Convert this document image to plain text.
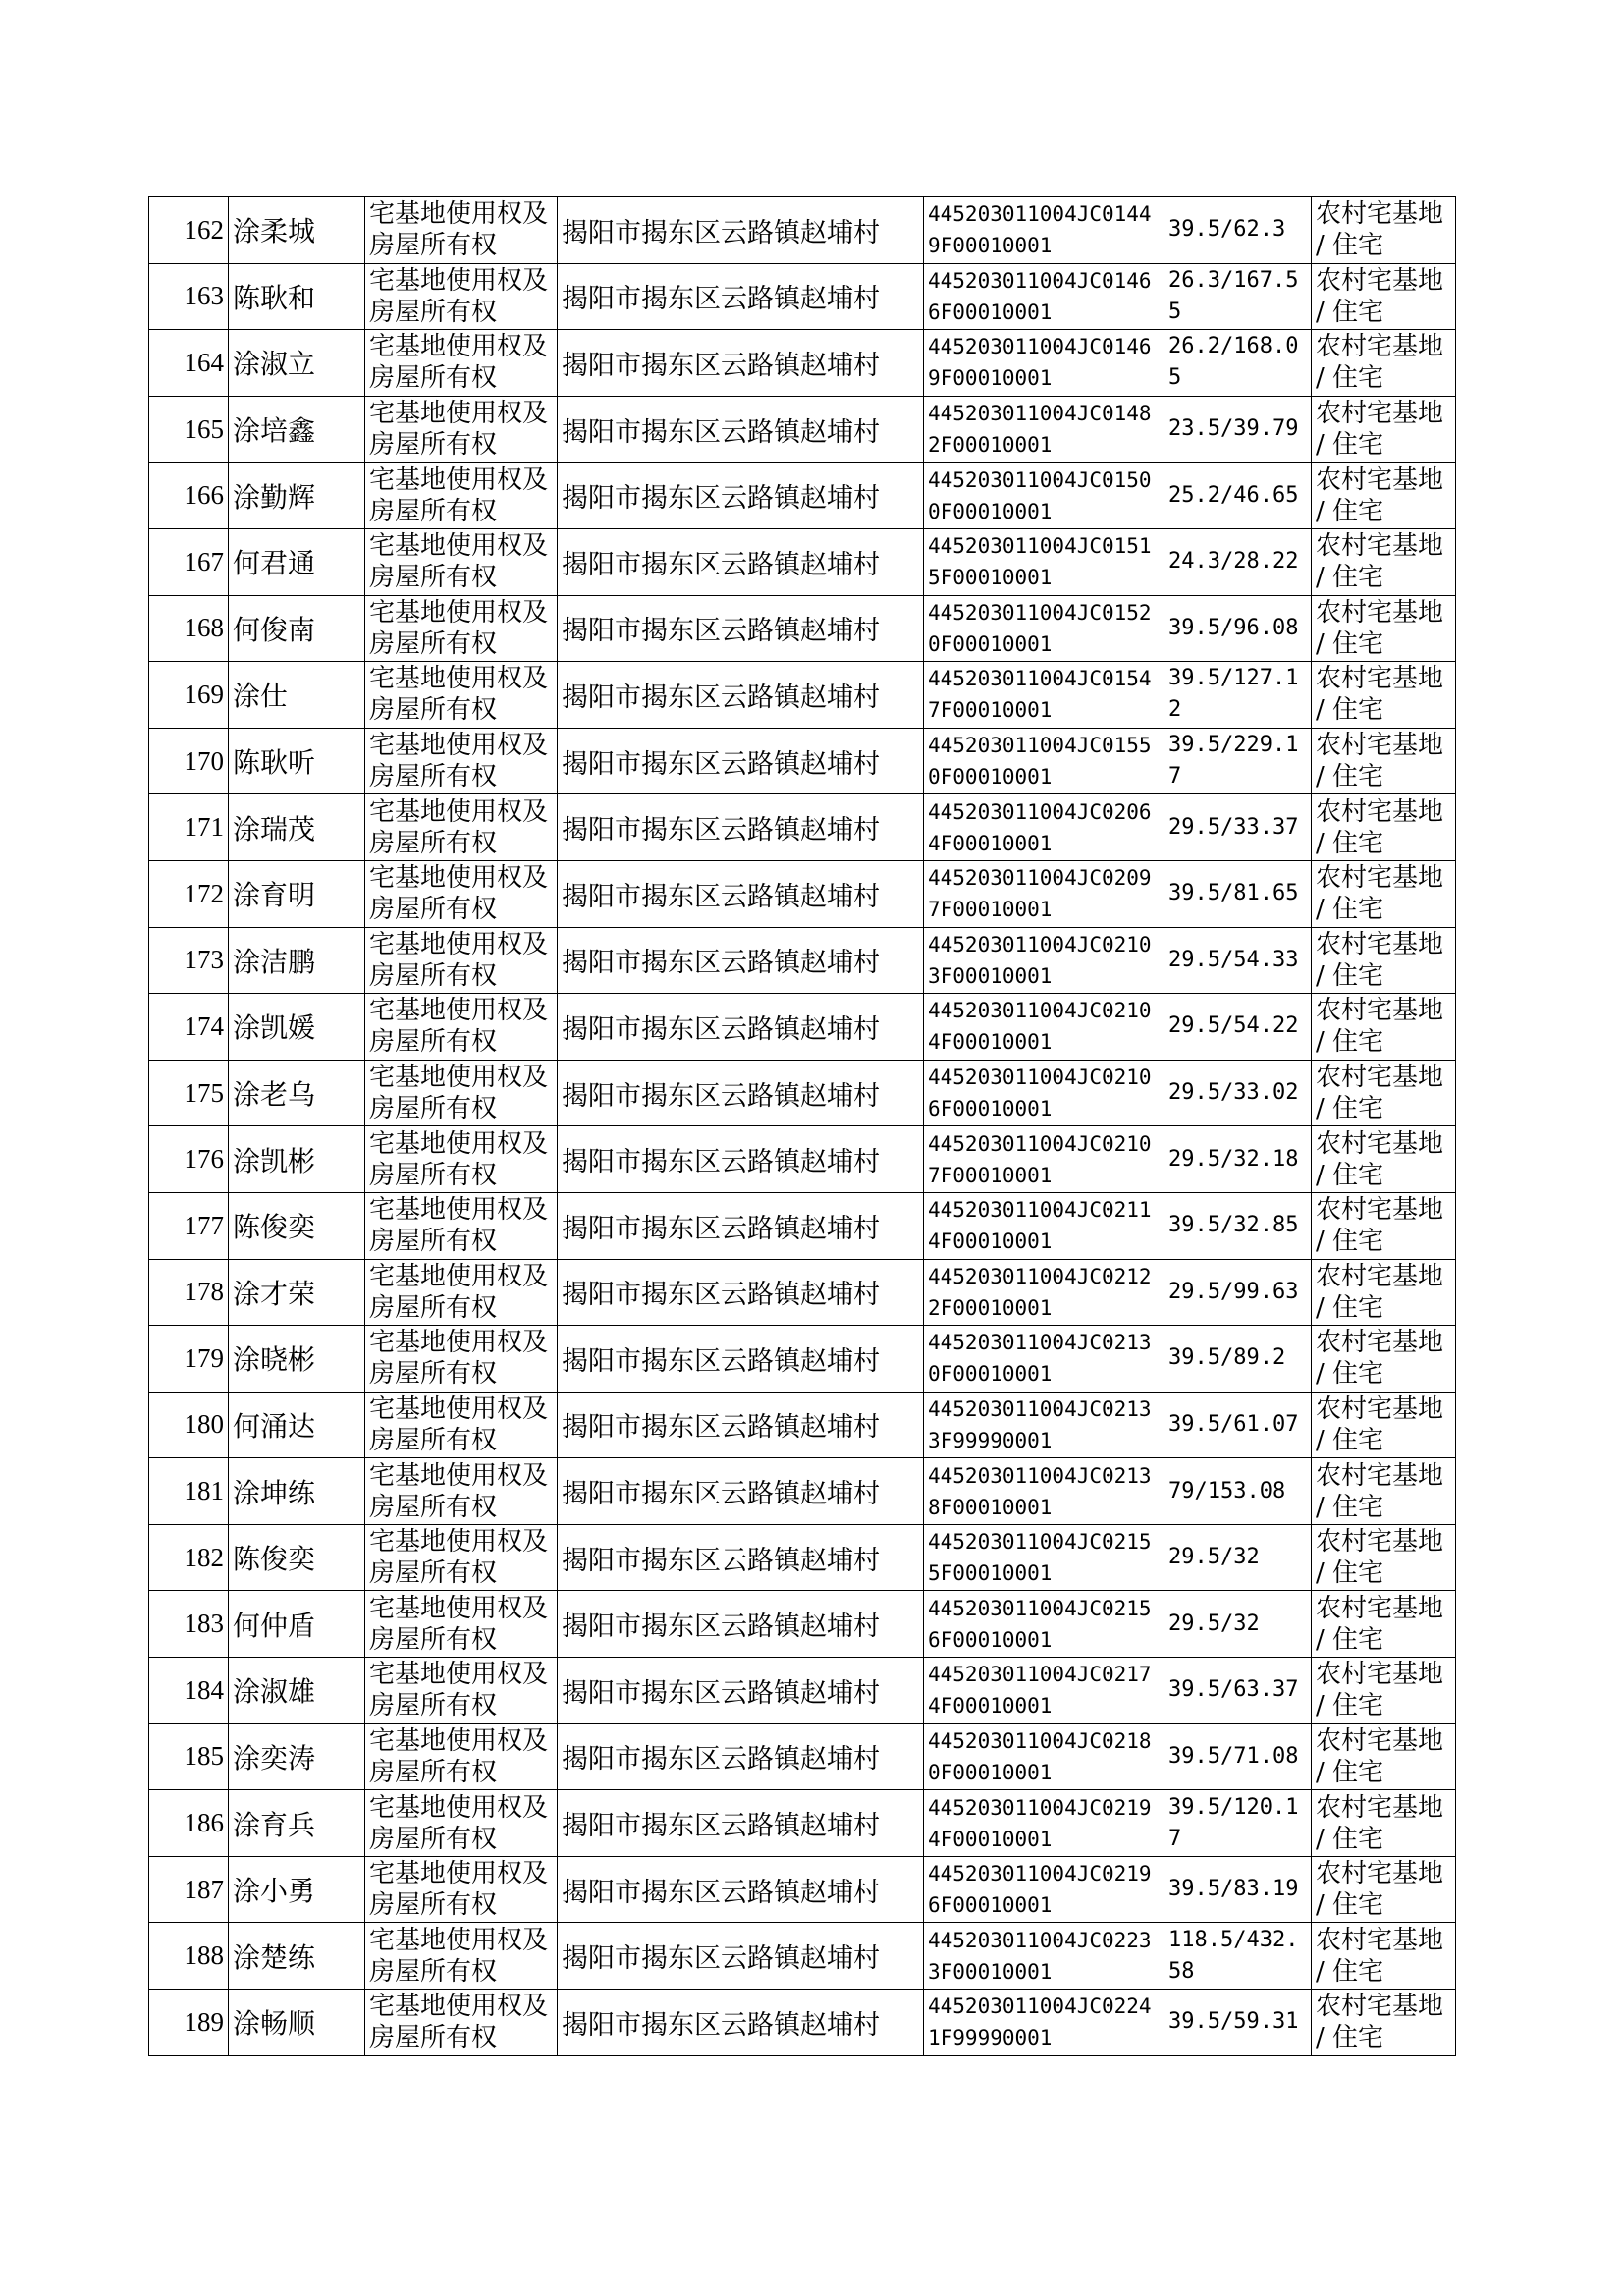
162	涂柔城	宅基地使用权及房屋所有权	揭阳市揭东区云路镇赵埔村	445203011004JC01449F00010001	39.5/62.3	农村宅基地 / 住宅
163	陈耿和	宅基地使用权及房屋所有权	揭阳市揭东区云路镇赵埔村	445203011004JC01466F00010001	26.3/167.55	农村宅基地 / 住宅
164	涂淑立	宅基地使用权及房屋所有权	揭阳市揭东区云路镇赵埔村	445203011004JC01469F00010001	26.2/168.05	农村宅基地 / 住宅
165	涂培鑫	宅基地使用权及房屋所有权	揭阳市揭东区云路镇赵埔村	445203011004JC01482F00010001	23.5/39.79	农村宅基地 / 住宅
166	涂勤辉	宅基地使用权及房屋所有权	揭阳市揭东区云路镇赵埔村	445203011004JC01500F00010001	25.2/46.65	农村宅基地 / 住宅
167	何君通	宅基地使用权及房屋所有权	揭阳市揭东区云路镇赵埔村	445203011004JC01515F00010001	24.3/28.22	农村宅基地 / 住宅
168	何俊南	宅基地使用权及房屋所有权	揭阳市揭东区云路镇赵埔村	445203011004JC01520F00010001	39.5/96.08	农村宅基地 / 住宅
169	涂仕	宅基地使用权及房屋所有权	揭阳市揭东区云路镇赵埔村	445203011004JC01547F00010001	39.5/127.12	农村宅基地 / 住宅
170	陈耿听	宅基地使用权及房屋所有权	揭阳市揭东区云路镇赵埔村	445203011004JC01550F00010001	39.5/229.17	农村宅基地 / 住宅
171	涂瑞茂	宅基地使用权及房屋所有权	揭阳市揭东区云路镇赵埔村	445203011004JC02064F00010001	29.5/33.37	农村宅基地 / 住宅
172	涂育明	宅基地使用权及房屋所有权	揭阳市揭东区云路镇赵埔村	445203011004JC02097F00010001	39.5/81.65	农村宅基地 / 住宅
173	涂洁鹏	宅基地使用权及房屋所有权	揭阳市揭东区云路镇赵埔村	445203011004JC02103F00010001	29.5/54.33	农村宅基地 / 住宅
174	涂凯媛	宅基地使用权及房屋所有权	揭阳市揭东区云路镇赵埔村	445203011004JC02104F00010001	29.5/54.22	农村宅基地 / 住宅
175	涂老乌	宅基地使用权及房屋所有权	揭阳市揭东区云路镇赵埔村	445203011004JC02106F00010001	29.5/33.02	农村宅基地 / 住宅
176	涂凯彬	宅基地使用权及房屋所有权	揭阳市揭东区云路镇赵埔村	445203011004JC02107F00010001	29.5/32.18	农村宅基地 / 住宅
177	陈俊奕	宅基地使用权及房屋所有权	揭阳市揭东区云路镇赵埔村	445203011004JC02114F00010001	39.5/32.85	农村宅基地 / 住宅
178	涂才荣	宅基地使用权及房屋所有权	揭阳市揭东区云路镇赵埔村	445203011004JC02122F00010001	29.5/99.63	农村宅基地 / 住宅
179	涂晓彬	宅基地使用权及房屋所有权	揭阳市揭东区云路镇赵埔村	445203011004JC02130F00010001	39.5/89.2	农村宅基地 / 住宅
180	何涌达	宅基地使用权及房屋所有权	揭阳市揭东区云路镇赵埔村	445203011004JC02133F99990001	39.5/61.07	农村宅基地 / 住宅
181	涂坤练	宅基地使用权及房屋所有权	揭阳市揭东区云路镇赵埔村	445203011004JC02138F00010001	79/153.08	农村宅基地 / 住宅
182	陈俊奕	宅基地使用权及房屋所有权	揭阳市揭东区云路镇赵埔村	445203011004JC02155F00010001	29.5/32	农村宅基地 / 住宅
183	何仲盾	宅基地使用权及房屋所有权	揭阳市揭东区云路镇赵埔村	445203011004JC02156F00010001	29.5/32	农村宅基地 / 住宅
184	涂淑雄	宅基地使用权及房屋所有权	揭阳市揭东区云路镇赵埔村	445203011004JC02174F00010001	39.5/63.37	农村宅基地 / 住宅
185	涂奕涛	宅基地使用权及房屋所有权	揭阳市揭东区云路镇赵埔村	445203011004JC02180F00010001	39.5/71.08	农村宅基地 / 住宅
186	涂育兵	宅基地使用权及房屋所有权	揭阳市揭东区云路镇赵埔村	445203011004JC02194F00010001	39.5/120.17	农村宅基地 / 住宅
187	涂小勇	宅基地使用权及房屋所有权	揭阳市揭东区云路镇赵埔村	445203011004JC02196F00010001	39.5/83.19	农村宅基地 / 住宅
188	涂楚练	宅基地使用权及房屋所有权	揭阳市揭东区云路镇赵埔村	445203011004JC02233F00010001	118.5/432.58	农村宅基地 / 住宅
189	涂畅顺	宅基地使用权及房屋所有权	揭阳市揭东区云路镇赵埔村	445203011004JC02241F99990001	39.5/59.31	农村宅基地 / 住宅
